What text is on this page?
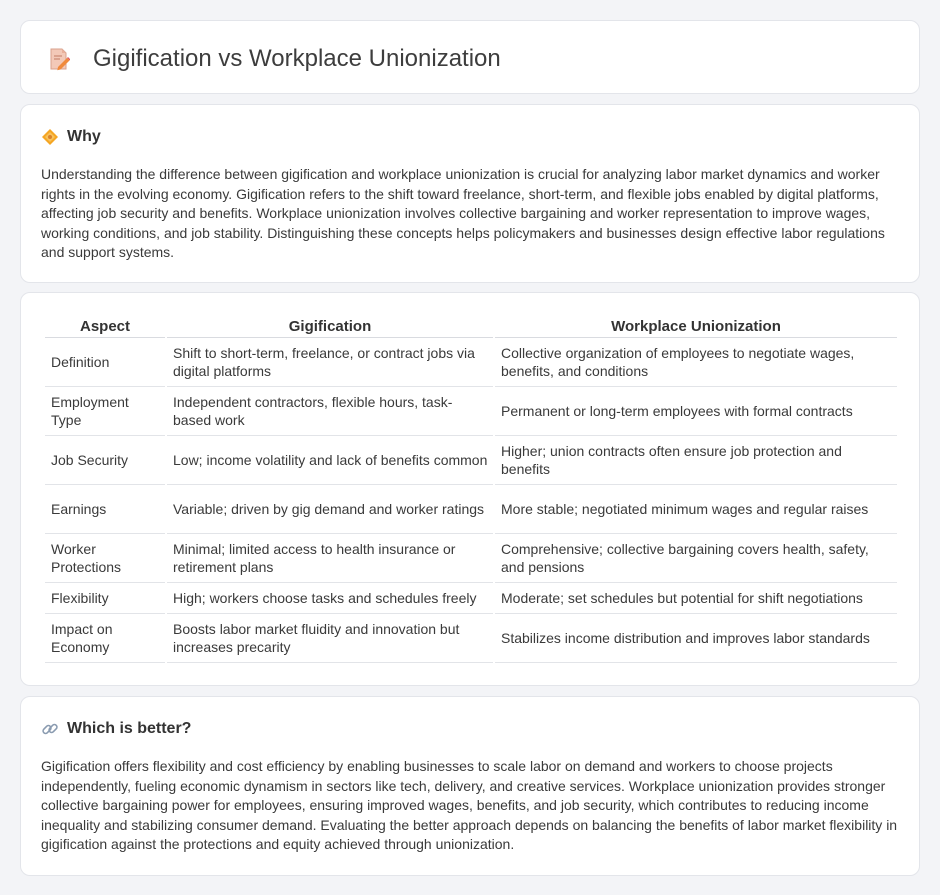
Gigification vs Workplace Unionization
Why

Understanding the difference between gigification and workplace unionization is crucial for analyzing labor market dynamics and worker rights in the evolving economy. Gigification refers to the shift toward freelance, short-term, and flexible jobs enabled by digital platforms, affecting job security and benefits. Workplace unionization involves collective bargaining and worker representation to improve wages, working conditions, and job stability. Distinguishing these concepts helps policymakers and businesses design effective labor regulations and support systems.

Aspect	Gigification	Workplace Unionization
Definition	Shift to short-term, freelance, or contract jobs via digital platforms	Collective organization of employees to negotiate wages, benefits, and conditions
Employment Type	Independent contractors, flexible hours, task-based work	Permanent or long-term employees with formal contracts
Job Security	Low; income volatility and lack of benefits common	Higher; union contracts often ensure job protection and benefits
Earnings	Variable; driven by gig demand and worker ratings	More stable; negotiated minimum wages and regular raises
Worker Protections	Minimal; limited access to health insurance or retirement plans	Comprehensive; collective bargaining covers health, safety, and pensions
Flexibility	High; workers choose tasks and schedules freely	Moderate; set schedules but potential for shift negotiations
Impact on Economy	Boosts labor market fluidity and innovation but increases precarity	Stabilizes income distribution and improves labor standards
Which is better?

Gigification offers flexibility and cost efficiency by enabling businesses to scale labor on demand and workers to choose projects independently, fueling economic dynamism in sectors like tech, delivery, and creative services. Workplace unionization provides stronger collective bargaining power for employees, ensuring improved wages, benefits, and job security, which contributes to reducing income inequality and stabilizing consumer demand. Evaluating the better approach depends on balancing the benefits of labor market flexibility in gigification against the protections and equity achieved through unionization.
